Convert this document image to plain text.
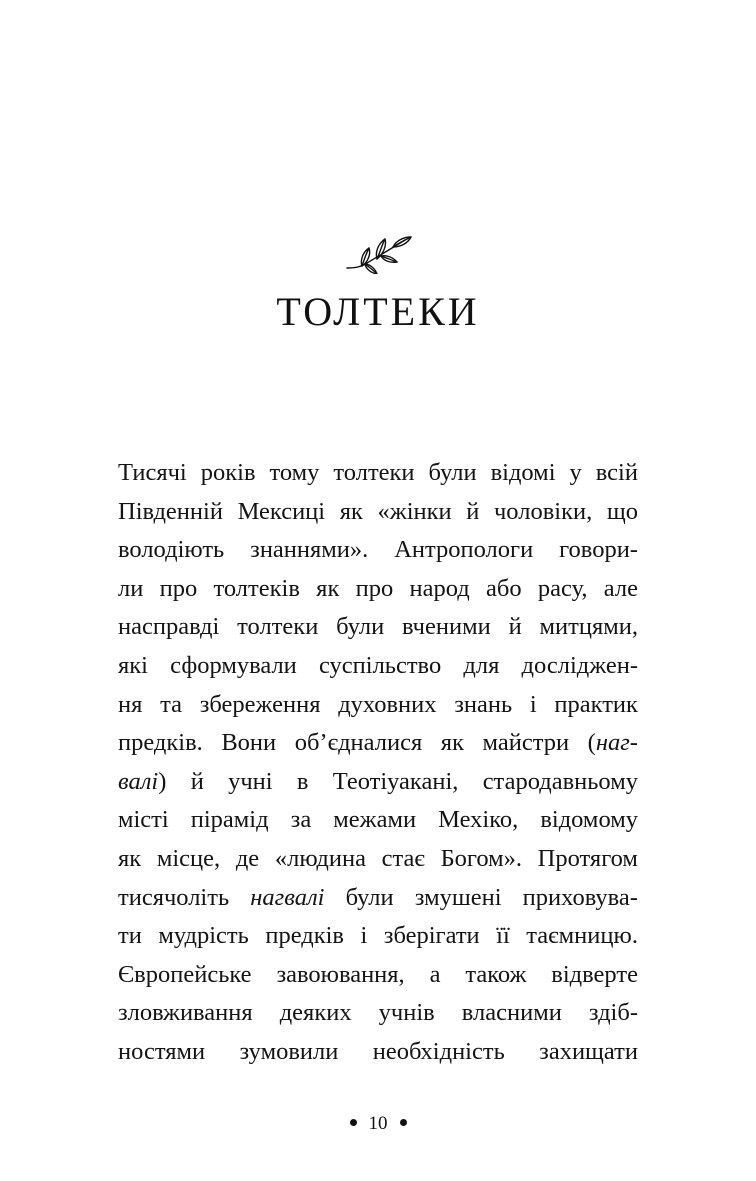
ТОЛТЕКИ
Тисячі років тому толтеки були відомі у всій
Південній Мексиці як «жінки й чоловіки, що
володіють знаннями». Антропологи говори-
ли про толтеків як про народ або расу, але
насправді толтеки були вченими й митцями,
які сформували суспільство для досліджен-
ня та збереження духовних знань і практик
предків. Вони об’єдналися як майстри (наг-
валі) й учні в Теотіуакані, стародавньому
місті пірамід за межами Мехіко, відомому
як місце, де «людина стає Богом». Протягом
тисячоліть нагвалі були змушені приховува-
ти мудрість предків і зберігати її таємницю.
Європейське завоювання, а також відверте
зловживання деяких учнів власними здіб-
ностями зумовили необхідність захищати
10
